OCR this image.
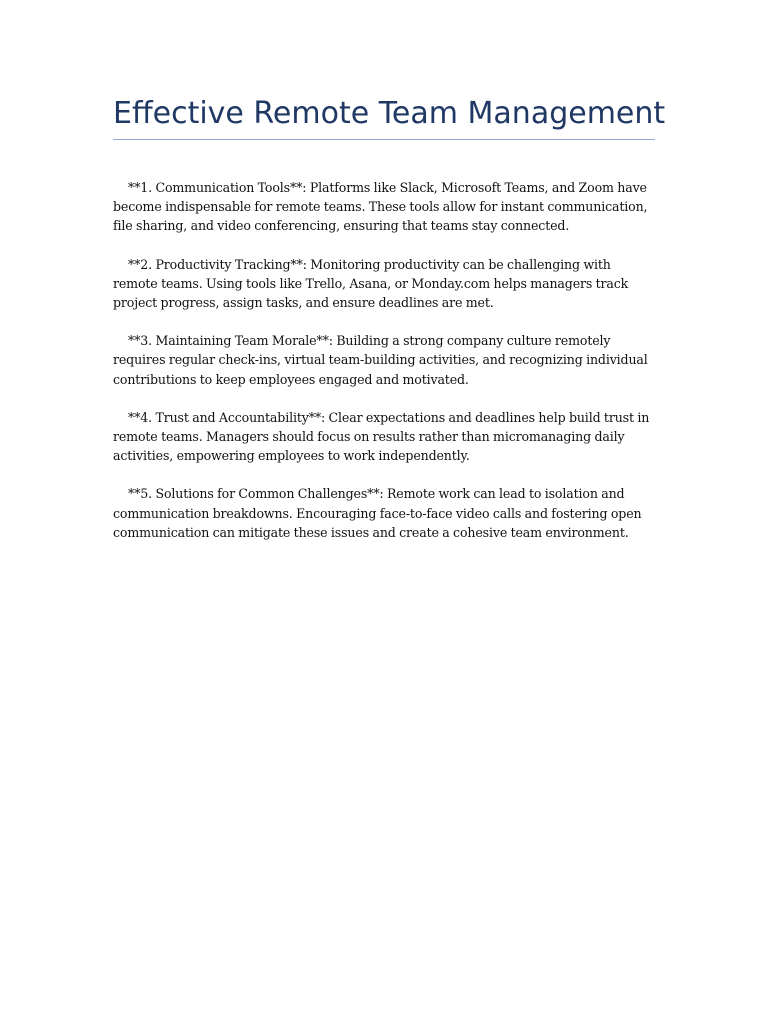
Effective Remote Team Management

**1. Communication Tools**: Platforms like Slack, Microsoft Teams, and Zoom have become indispensable for remote teams. These tools allow for instant communication, file sharing, and video conferencing, ensuring that teams stay connected.

**2. Productivity Tracking**: Monitoring productivity can be challenging with remote teams. Using tools like Trello, Asana, or Monday.com helps managers track project progress, assign tasks, and ensure deadlines are met.

**3. Maintaining Team Morale**: Building a strong company culture remotely requires regular check-ins, virtual team-building activities, and recognizing individual contributions to keep employees engaged and motivated.

**4. Trust and Accountability**: Clear expectations and deadlines help build trust in remote teams. Managers should focus on results rather than micromanaging daily activities, empowering employees to work independently.

**5. Solutions for Common Challenges**: Remote work can lead to isolation and communication breakdowns. Encouraging face-to-face video calls and fostering open communication can mitigate these issues and create a cohesive team environment.
